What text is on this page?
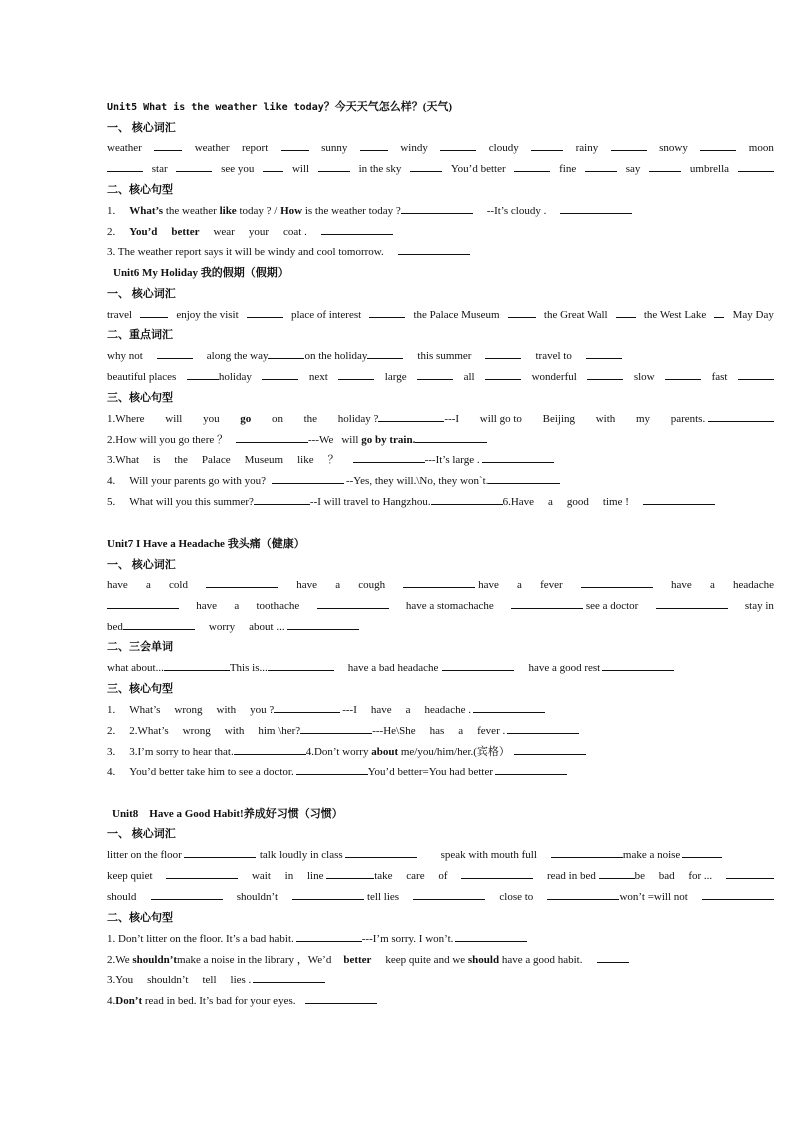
Unit5 What is the weather like today？今天天气怎么样？(天气)
一、 核心词汇
weather	weather report	sunny	windy	cloudy	rainy	snowy	moon
star	see you	will	in the sky	You’d better	fine	say	umbrella
二、核心句型
1. What’s the weather like today ? / How is the weather today ?	--It’s cloudy .
2. You’d better wear your coat .
3. The weather report says it will be windy and cool tomorrow.
Unit6 My Holiday 我的假期（假期）
一、 核心词汇
travel	enjoy the visit	place of interest	the Palace Museum	the Great Wall	the West Lake May Day
二、重点词汇
why not	along the way	on the holiday	this summer	travel to
beautiful places	holiday	next	large	all	wonderful	slow	fast
三、核心句型
1.Where will you go on the holiday ?	---I will go to Beijing with my parents.
2.How will you go there ？	---We will go by train.
3.What is the Palace Museum like ？	---It’s large .
4. Will your parents go with you?	--Yes, they will.\No, they won`t.
5. What will you this summer?	--I will travel to Hangzhou.	6.Have a good time !
Unit7 I Have a Headache 我头痛（健康）
一、 核心词汇
have a cold	have a cough	have a fever	have a headache
have a toothache	have a stomachache	see a doctor	stay in
bed	worry about ...
二、三会单词
what about...	This is...	have a bad headache	have a good rest
三、核心句型
1. What’s wrong with you ?	---I have a headache .
2. 2.What’s wrong with him \her?	---He\She has a fever .
3. 3.I’m sorry to hear that.	4.Don’t worry about me/you/him/her.(宾格）
4. You’d better take him to see a doctor.	You’d better=You had better
Unit8    Have a Good Habit!养成好习惯（习惯）
一、 核心词汇
litter on the floor	talk loudly in class	speak with mouth full	make a noise
keep quiet	wait in line	take care of	read in bed	be bad for ...
should	shouldn’t	tell lies	close to	won’t =will not
二、核心句型
1. Don’t litter on the floor. It’s a bad habit.	---I’m sorry. I won’t.
2.We shouldn’tmake a noise in the library ，We’d better keep quite and we should have a good habit.
3.You shouldn’t tell lies .
4.Don’t read in bed. It’s bad for your eyes.
